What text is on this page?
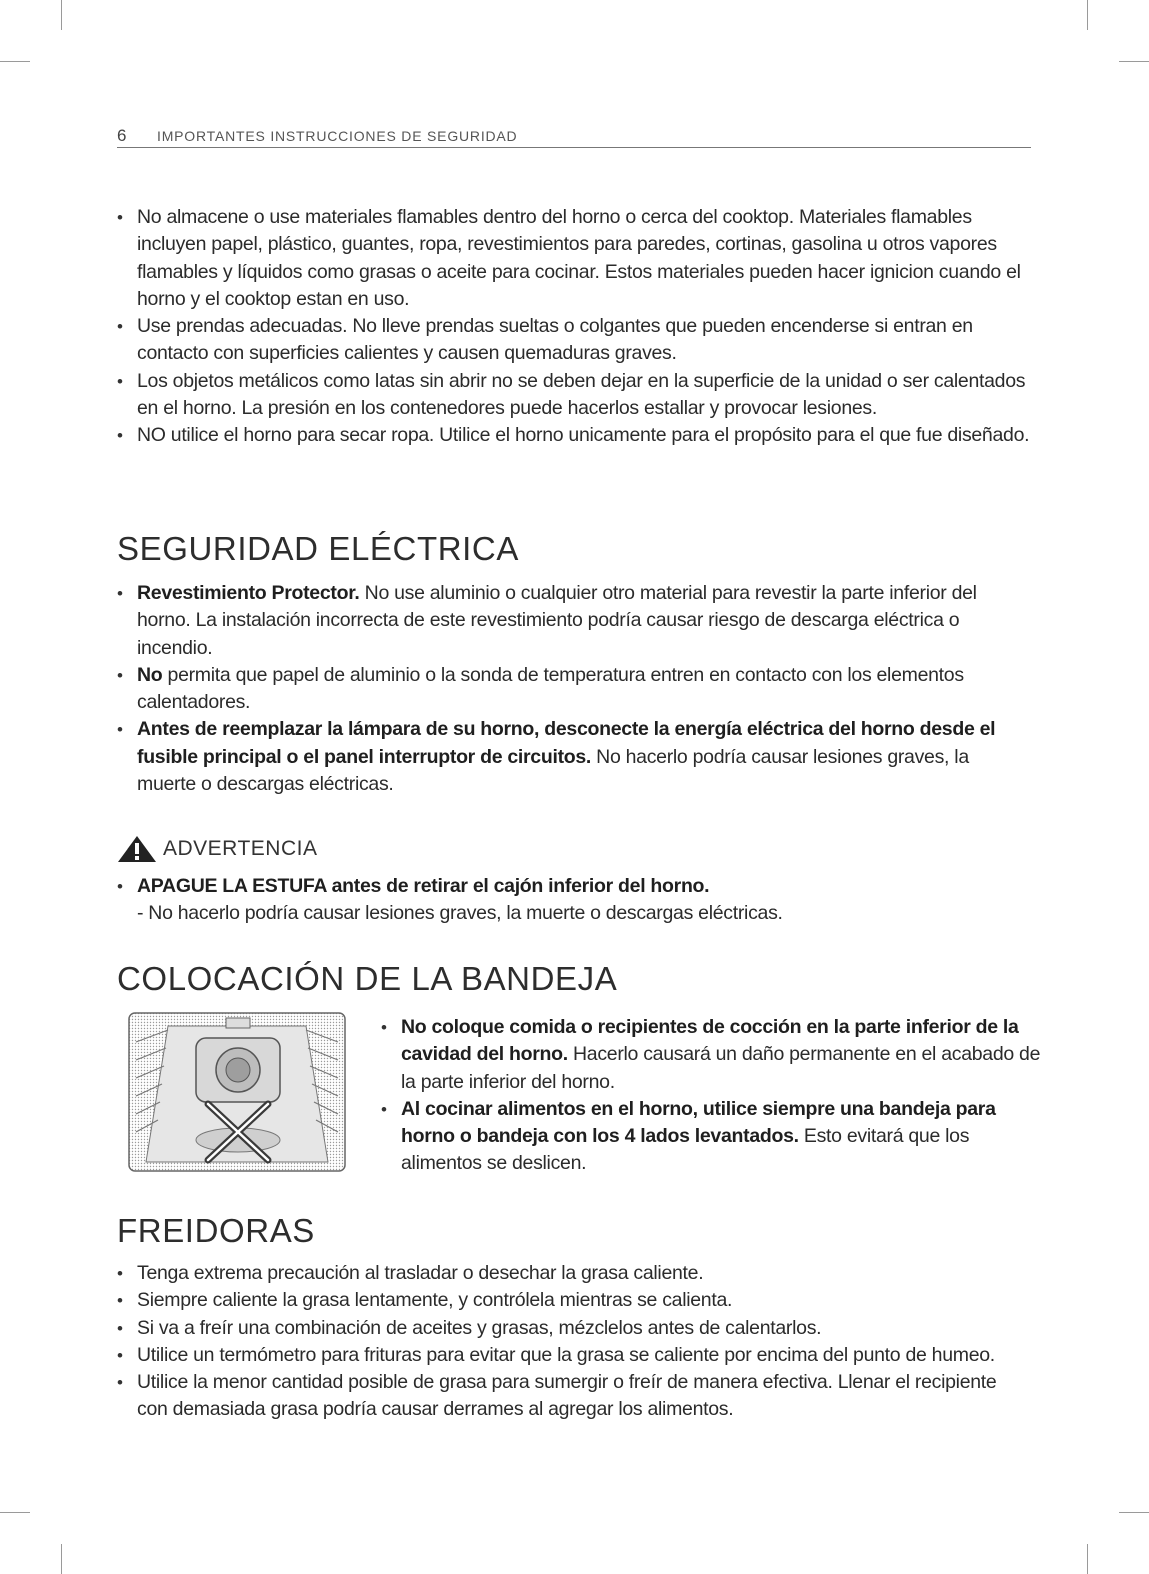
6 IMPORTANTES INSTRUCCIONES DE SEGURIDAD
• No almacene o use materiales flamables dentro del horno o cerca del cooktop. Materiales flamables incluyen papel, plástico, guantes, ropa, revestimientos para paredes, cortinas, gasolina u otros vapores flamables y líquidos como grasas o aceite para cocinar. Estos materiales pueden hacer ignicion cuando el horno y el cooktop estan en uso.
• Use prendas adecuadas. No lleve prendas sueltas o colgantes que pueden encenderse si entran en contacto con superficies calientes y causen quemaduras graves.
• Los objetos metálicos como latas sin abrir no se deben dejar en la superficie de la unidad o ser calentados en el horno. La presión en los contenedores puede hacerlos estallar y provocar lesiones.
• NO utilice el horno para secar ropa. Utilice el horno unicamente para el propósito para el que fue diseñado.
SEGURIDAD ELÉCTRICA
• Revestimiento Protector. No use aluminio o cualquier otro material para revestir la parte inferior del horno. La instalación incorrecta de este revestimiento podría causar riesgo de descarga eléctrica o incendio.
• No permita que papel de aluminio o la sonda de temperatura entren en contacto con los elementos calentadores.
• Antes de reemplazar la lámpara de su horno, desconecte la energía eléctrica del horno desde el fusible principal o el panel interruptor de circuitos. No hacerlo podría causar lesiones graves, la muerte o descargas eléctricas.
ADVERTENCIA
• APAGUE LA ESTUFA antes de retirar el cajón inferior del horno.
- No hacerlo podría causar lesiones graves, la muerte o descargas eléctricas.
COLOCACIÓN DE LA BANDEJA
• No coloque comida o recipientes de cocción en la parte inferior de la cavidad del horno. Hacerlo causará un daño permanente en el acabado de la parte inferior del horno.
• Al cocinar alimentos en el horno, utilice siempre una bandeja para horno o bandeja con los 4 lados levantados. Esto evitará que los alimentos se deslicen.
FREIDORAS
• Tenga extrema precaución al trasladar o desechar la grasa caliente.
• Siempre caliente la grasa lentamente, y contrólela mientras se calienta.
• Si va a freír una combinación de aceites y grasas, mézclelos antes de calentarlos.
• Utilice un termómetro para frituras para evitar que la grasa se caliente por encima del punto de humeo.
• Utilice la menor cantidad posible de grasa para sumergir o freír de manera efectiva. Llenar el recipiente con demasiada grasa podría causar derrames al agregar los alimentos.
